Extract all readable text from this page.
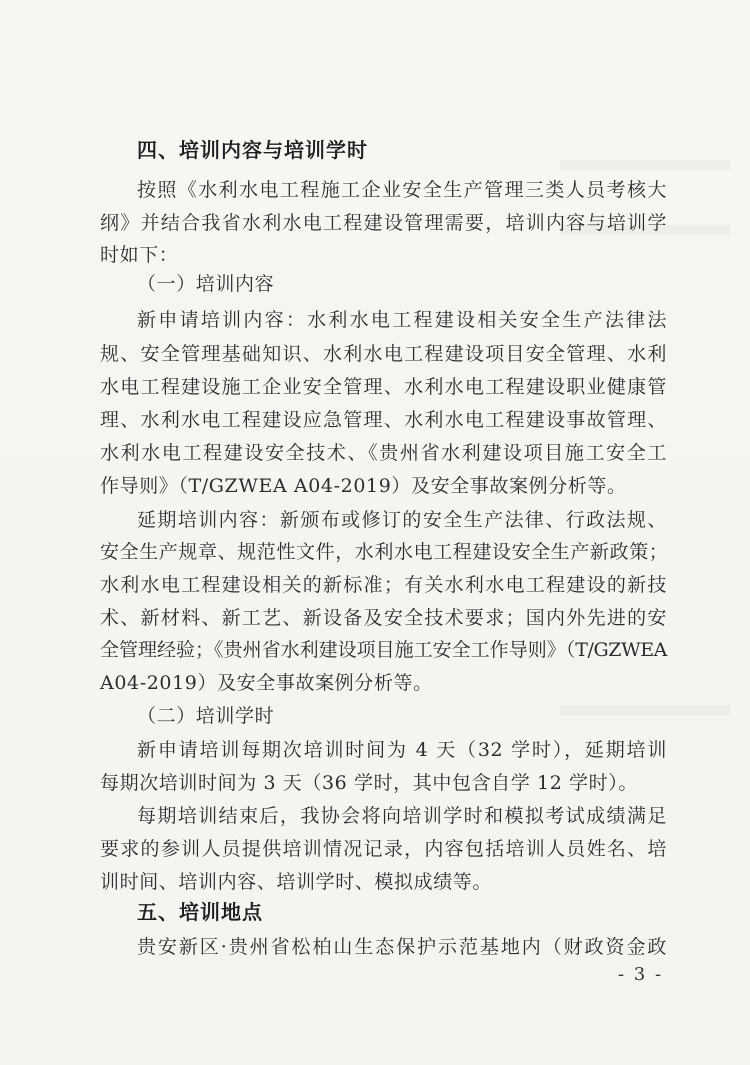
四、培训内容与培训学时
按照《水利水电工程施工企业安全生产管理三类人员考核大
纲》并结合我省水利水电工程建设管理需要，培训内容与培训学
时如下：
（一）培训内容
新申请培训内容：水利水电工程建设相关安全生产法律法
规、安全管理基础知识、水利水电工程建设项目安全管理、水利
水电工程建设施工企业安全管理、水利水电工程建设职业健康管
理、水利水电工程建设应急管理、水利水电工程建设事故管理、
水利水电工程建设安全技术、《贵州省水利建设项目施工安全工
作导则》（T/GZWEA A04-2019）及安全事故案例分析等。
延期培训内容：新颁布或修订的安全生产法律、行政法规、
安全生产规章、规范性文件，水利水电工程建设安全生产新政策；
水利水电工程建设相关的新标准；有关水利水电工程建设的新技
术、新材料、新工艺、新设备及安全技术要求；国内外先进的安
全管理经验；《贵州省水利建设项目施工安全工作导则》（T/GZWEA
A04-2019）及安全事故案例分析等。
（二）培训学时
新申请培训每期次培训时间为 4 天（32 学时），延期培训
每期次培训时间为 3 天（36 学时，其中包含自学 12 学时）。
每期培训结束后，我协会将向培训学时和模拟考试成绩满足
要求的参训人员提供培训情况记录，内容包括培训人员姓名、培
训时间、培训内容、培训学时、模拟成绩等。
五、培训地点
贵安新区·贵州省松柏山生态保护示范基地内（财政资金政
- 3 -
